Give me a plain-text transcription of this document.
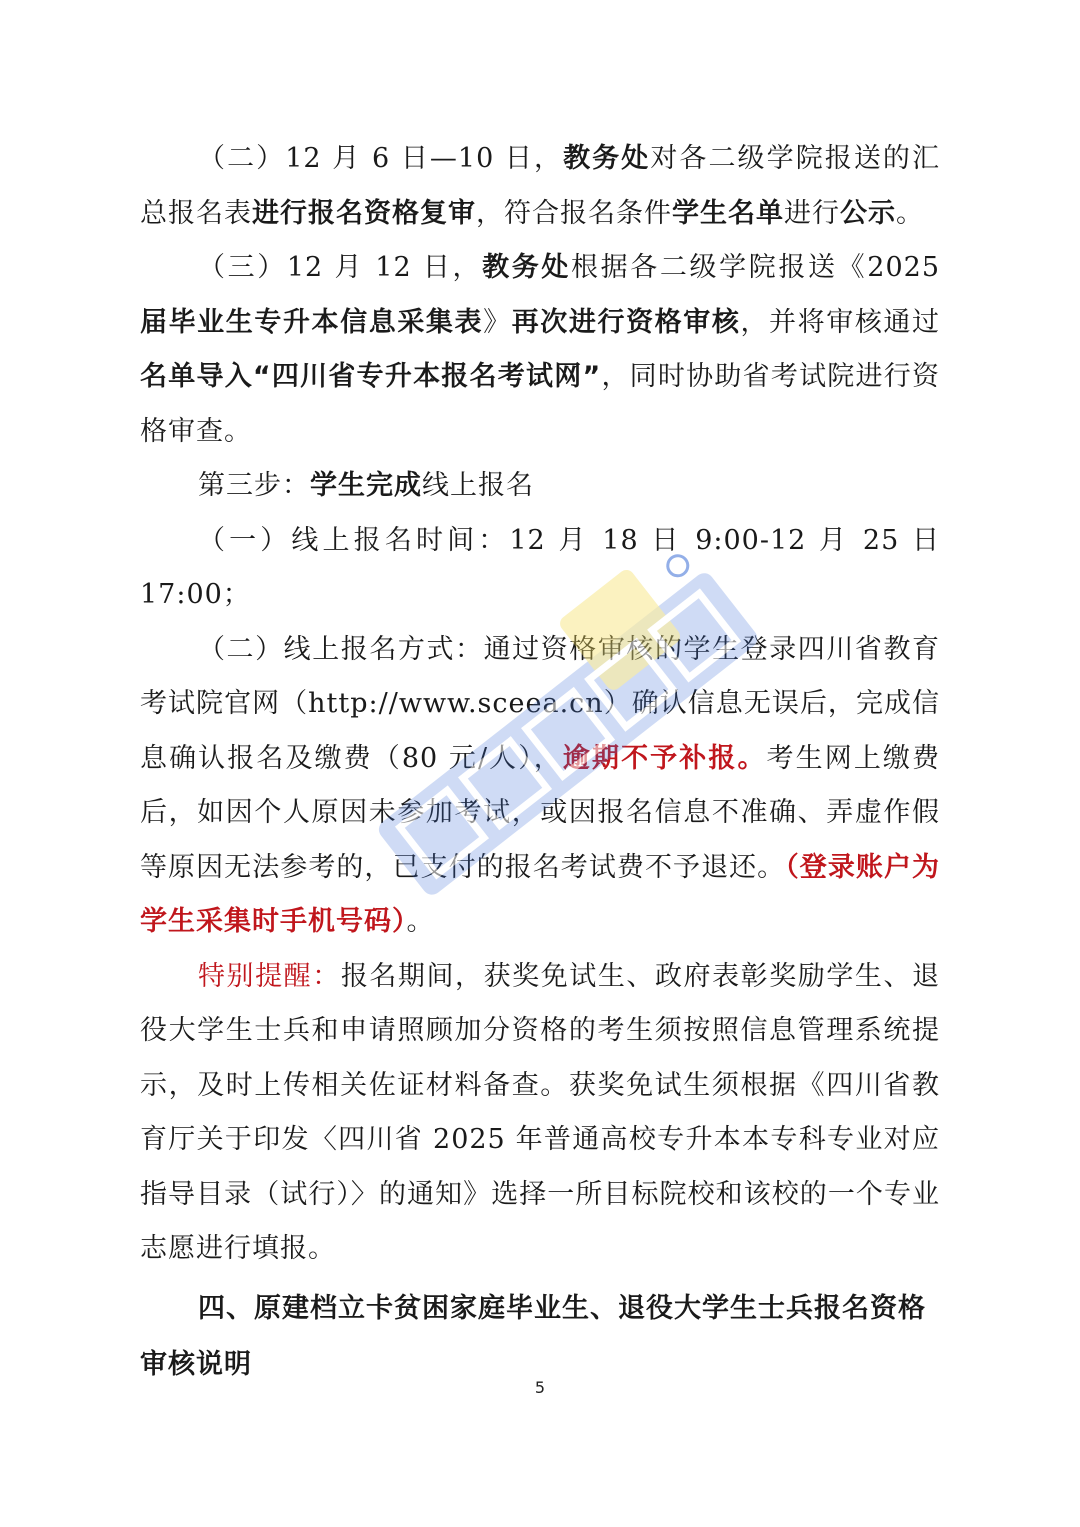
（二）12 月 6 日—10 日，教务处对各二级学院报送的汇总报名表进行报名资格复审，符合报名条件学生名单进行公示。

（三）12 月 12 日，教务处根据各二级学院报送《2025 届毕业生专升本信息采集表》再次进行资格审核，并将审核通过名单导入“四川省专升本报名考试网”，同时协助省考试院进行资格审查。

第三步：学生完成线上报名

（一）线上报名时间：12 月 18 日 9:00-12 月 25 日 17:00；

（二）线上报名方式：通过资格审核的学生登录四川省教育考试院官网（http://www.sceea.cn）确认信息无误后，完成信息确认报名及缴费（80 元/人），逾期不予补报。考生网上缴费后，如因个人原因未参加考试，或因报名信息不准确、弄虚作假等原因无法参考的，已支付的报名考试费不予退还。（登录账户为学生采集时手机号码）。

特别提醒：报名期间，获奖免试生、政府表彰奖励学生、退役大学生士兵和申请照顾加分资格的考生须按照信息管理系统提示，及时上传相关佐证材料备查。获奖免试生须根据《四川省教育厅关于印发〈四川省 2025 年普通高校专升本本专科专业对应指导目录（试行）〉的通知》选择一所目标院校和该校的一个专业志愿进行填报。

四、原建档立卡贫困家庭毕业生、退役大学生士兵报名资格审核说明

5
